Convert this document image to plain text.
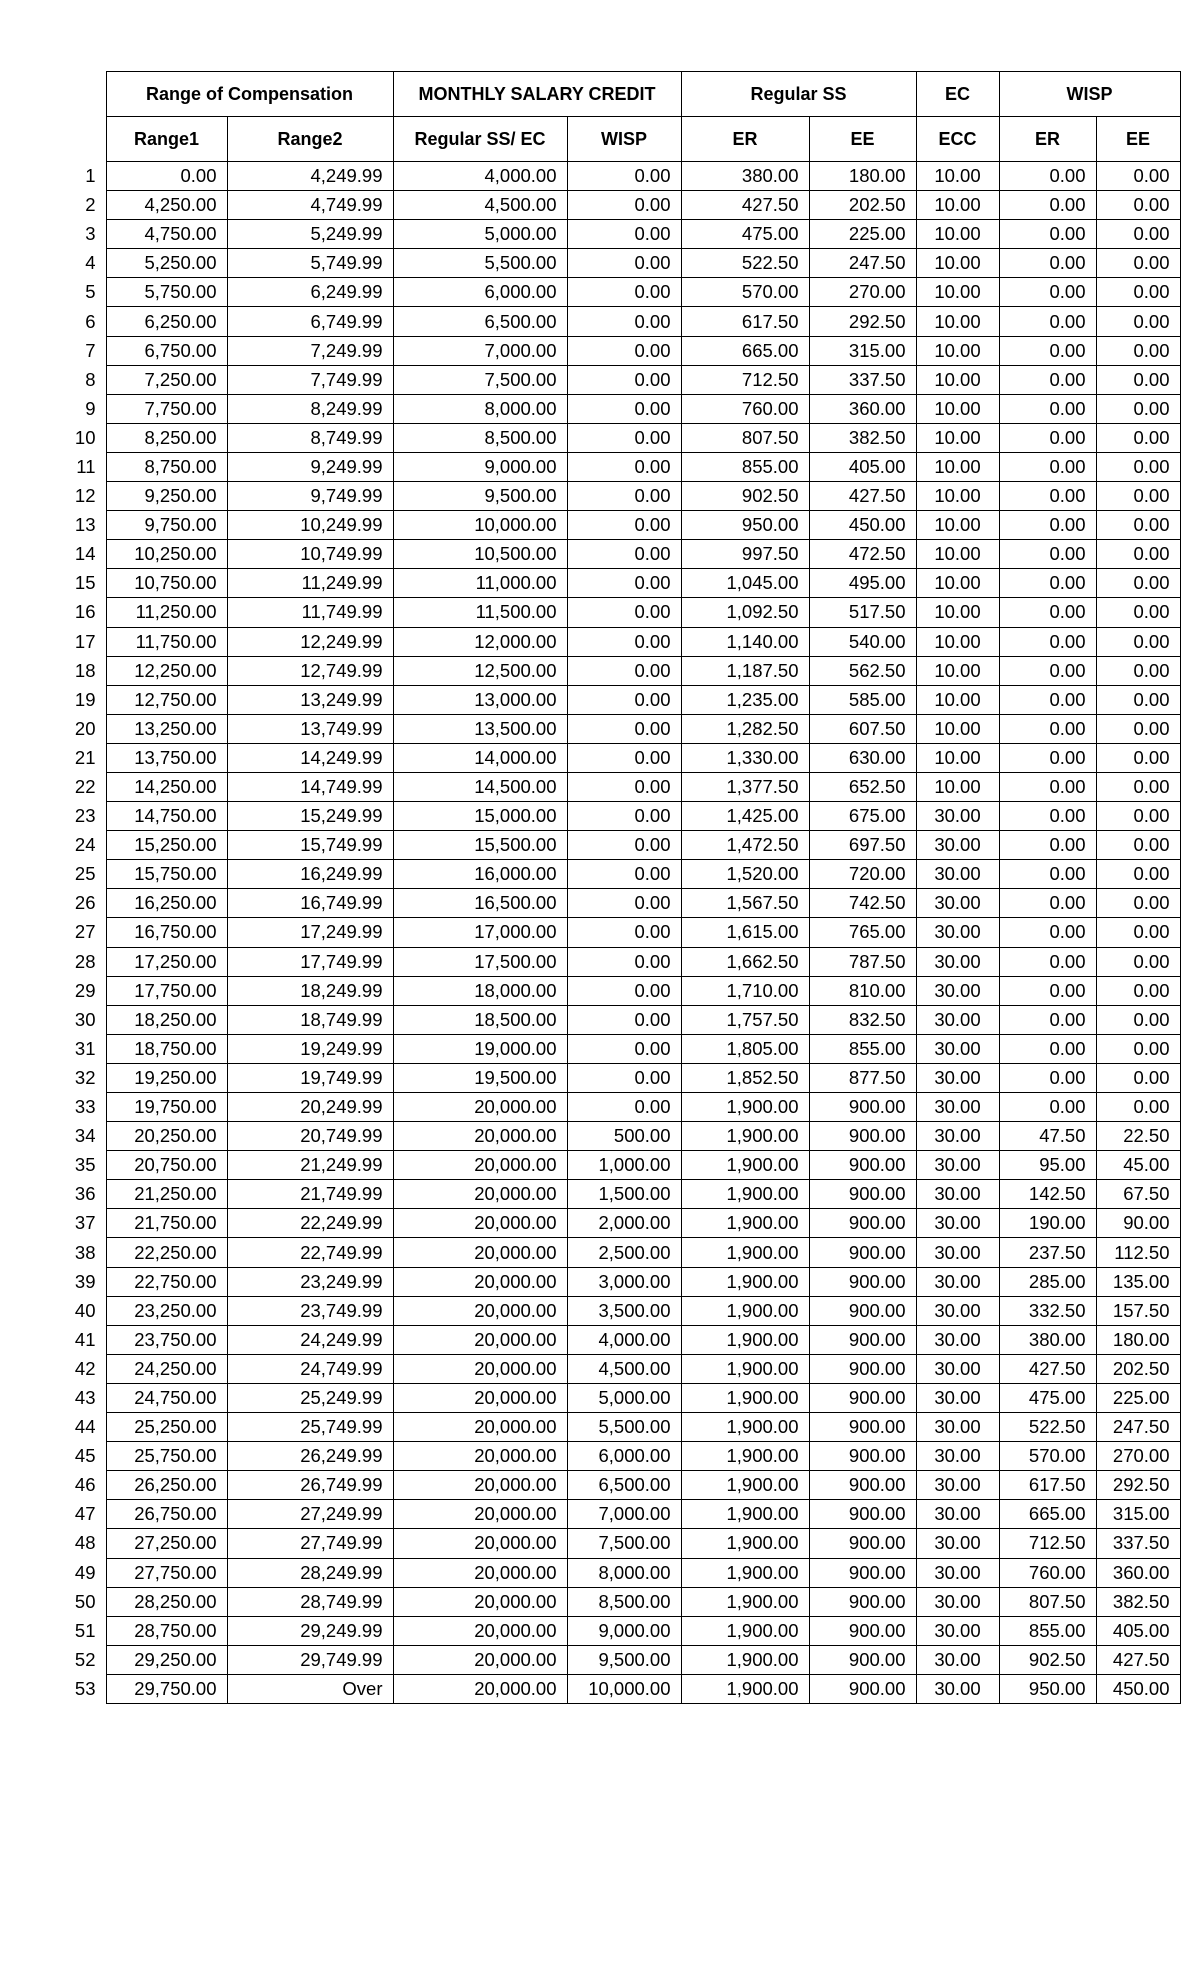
	Range of Compensation		MONTHLY SALARY CREDIT		Regular SS		EC	WISP	
	Range1	Range2	Regular SS/ EC	WISP	ER	EE	ECC	ER	EE
1	0.00	4,249.99	4,000.00	0.00	380.00	180.00	10.00	0.00	0.00
2	4,250.00	4,749.99	4,500.00	0.00	427.50	202.50	10.00	0.00	0.00
3	4,750.00	5,249.99	5,000.00	0.00	475.00	225.00	10.00	0.00	0.00
4	5,250.00	5,749.99	5,500.00	0.00	522.50	247.50	10.00	0.00	0.00
5	5,750.00	6,249.99	6,000.00	0.00	570.00	270.00	10.00	0.00	0.00
6	6,250.00	6,749.99	6,500.00	0.00	617.50	292.50	10.00	0.00	0.00
7	6,750.00	7,249.99	7,000.00	0.00	665.00	315.00	10.00	0.00	0.00
8	7,250.00	7,749.99	7,500.00	0.00	712.50	337.50	10.00	0.00	0.00
9	7,750.00	8,249.99	8,000.00	0.00	760.00	360.00	10.00	0.00	0.00
10	8,250.00	8,749.99	8,500.00	0.00	807.50	382.50	10.00	0.00	0.00
11	8,750.00	9,249.99	9,000.00	0.00	855.00	405.00	10.00	0.00	0.00
12	9,250.00	9,749.99	9,500.00	0.00	902.50	427.50	10.00	0.00	0.00
13	9,750.00	10,249.99	10,000.00	0.00	950.00	450.00	10.00	0.00	0.00
14	10,250.00	10,749.99	10,500.00	0.00	997.50	472.50	10.00	0.00	0.00
15	10,750.00	11,249.99	11,000.00	0.00	1,045.00	495.00	10.00	0.00	0.00
16	11,250.00	11,749.99	11,500.00	0.00	1,092.50	517.50	10.00	0.00	0.00
17	11,750.00	12,249.99	12,000.00	0.00	1,140.00	540.00	10.00	0.00	0.00
18	12,250.00	12,749.99	12,500.00	0.00	1,187.50	562.50	10.00	0.00	0.00
19	12,750.00	13,249.99	13,000.00	0.00	1,235.00	585.00	10.00	0.00	0.00
20	13,250.00	13,749.99	13,500.00	0.00	1,282.50	607.50	10.00	0.00	0.00
21	13,750.00	14,249.99	14,000.00	0.00	1,330.00	630.00	10.00	0.00	0.00
22	14,250.00	14,749.99	14,500.00	0.00	1,377.50	652.50	10.00	0.00	0.00
23	14,750.00	15,249.99	15,000.00	0.00	1,425.00	675.00	30.00	0.00	0.00
24	15,250.00	15,749.99	15,500.00	0.00	1,472.50	697.50	30.00	0.00	0.00
25	15,750.00	16,249.99	16,000.00	0.00	1,520.00	720.00	30.00	0.00	0.00
26	16,250.00	16,749.99	16,500.00	0.00	1,567.50	742.50	30.00	0.00	0.00
27	16,750.00	17,249.99	17,000.00	0.00	1,615.00	765.00	30.00	0.00	0.00
28	17,250.00	17,749.99	17,500.00	0.00	1,662.50	787.50	30.00	0.00	0.00
29	17,750.00	18,249.99	18,000.00	0.00	1,710.00	810.00	30.00	0.00	0.00
30	18,250.00	18,749.99	18,500.00	0.00	1,757.50	832.50	30.00	0.00	0.00
31	18,750.00	19,249.99	19,000.00	0.00	1,805.00	855.00	30.00	0.00	0.00
32	19,250.00	19,749.99	19,500.00	0.00	1,852.50	877.50	30.00	0.00	0.00
33	19,750.00	20,249.99	20,000.00	0.00	1,900.00	900.00	30.00	0.00	0.00
34	20,250.00	20,749.99	20,000.00	500.00	1,900.00	900.00	30.00	47.50	22.50
35	20,750.00	21,249.99	20,000.00	1,000.00	1,900.00	900.00	30.00	95.00	45.00
36	21,250.00	21,749.99	20,000.00	1,500.00	1,900.00	900.00	30.00	142.50	67.50
37	21,750.00	22,249.99	20,000.00	2,000.00	1,900.00	900.00	30.00	190.00	90.00
38	22,250.00	22,749.99	20,000.00	2,500.00	1,900.00	900.00	30.00	237.50	112.50
39	22,750.00	23,249.99	20,000.00	3,000.00	1,900.00	900.00	30.00	285.00	135.00
40	23,250.00	23,749.99	20,000.00	3,500.00	1,900.00	900.00	30.00	332.50	157.50
41	23,750.00	24,249.99	20,000.00	4,000.00	1,900.00	900.00	30.00	380.00	180.00
42	24,250.00	24,749.99	20,000.00	4,500.00	1,900.00	900.00	30.00	427.50	202.50
43	24,750.00	25,249.99	20,000.00	5,000.00	1,900.00	900.00	30.00	475.00	225.00
44	25,250.00	25,749.99	20,000.00	5,500.00	1,900.00	900.00	30.00	522.50	247.50
45	25,750.00	26,249.99	20,000.00	6,000.00	1,900.00	900.00	30.00	570.00	270.00
46	26,250.00	26,749.99	20,000.00	6,500.00	1,900.00	900.00	30.00	617.50	292.50
47	26,750.00	27,249.99	20,000.00	7,000.00	1,900.00	900.00	30.00	665.00	315.00
48	27,250.00	27,749.99	20,000.00	7,500.00	1,900.00	900.00	30.00	712.50	337.50
49	27,750.00	28,249.99	20,000.00	8,000.00	1,900.00	900.00	30.00	760.00	360.00
50	28,250.00	28,749.99	20,000.00	8,500.00	1,900.00	900.00	30.00	807.50	382.50
51	28,750.00	29,249.99	20,000.00	9,000.00	1,900.00	900.00	30.00	855.00	405.00
52	29,250.00	29,749.99	20,000.00	9,500.00	1,900.00	900.00	30.00	902.50	427.50
53	29,750.00	Over	20,000.00	10,000.00	1,900.00	900.00	30.00	950.00	450.00
